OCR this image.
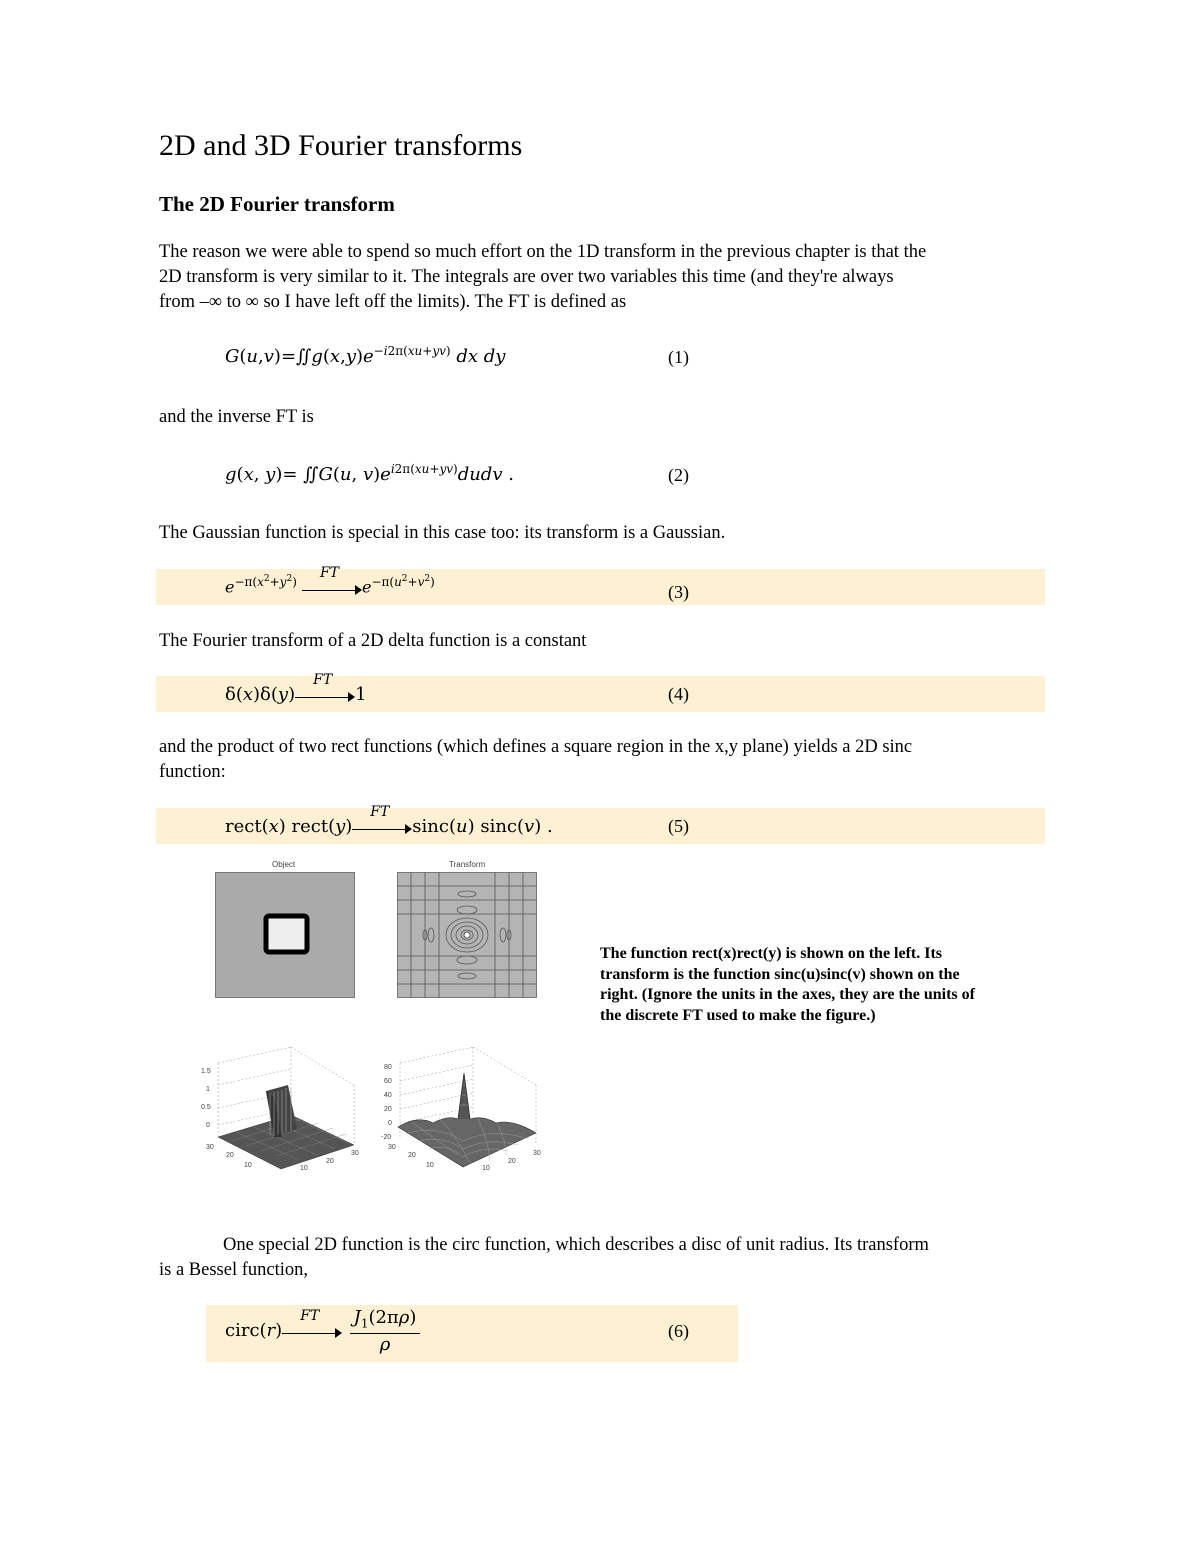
2D and 3D Fourier transforms
The 2D Fourier transform
The reason we were able to spend so much effort on the 1D transform in the previous chapter is that the
2D transform is very similar to it. The integrals are over two variables this time (and they're always
from –∞ to ∞ so I have left off the limits). The FT is defined as
$G(u,v)=∬g(x,y)e^{-i2\pi(xu+yv)}$ dx dy	(1)
and the inverse FT is
g(x, y)= ∬G(u, $v)e^{i2\pi(xu+yv)}dudv$ .	(2)
The Gaussian function is special in this case too: its transform is a Gaussian.
$e^{-\pi(x^2+y^2)}$
FT
$e^{-\pi(u^2+v^2)}$	(3)
The Fourier transform of a 2D delta function is a constant
δ(x)δ(y)
FT
1	(4)
and the product of two rect functions (which defines a square region in the x,y plane) yields a 2D sinc
function:
rect(x) rect(y)
FT
sinc(u) sinc(v) .	(5)
Object	Transform
1.5
1
0.5
0
30
20
10	10
20
30
80
60
40
20
0
-20
30
20
10	10
20
30
The function rect(x)rect(y) is shown on the left. Its transform is the function sinc(u)sinc(v) shown on the right. (Ignore the units in the axes, they are the units of the discrete FT used to make the figure.)
One special 2D function is the circ function, which describes a disc of unit radius. Its transform
is a Bessel function,
circ(r)
FT $J_1(2\pi\rho)$
ρ
(6)
